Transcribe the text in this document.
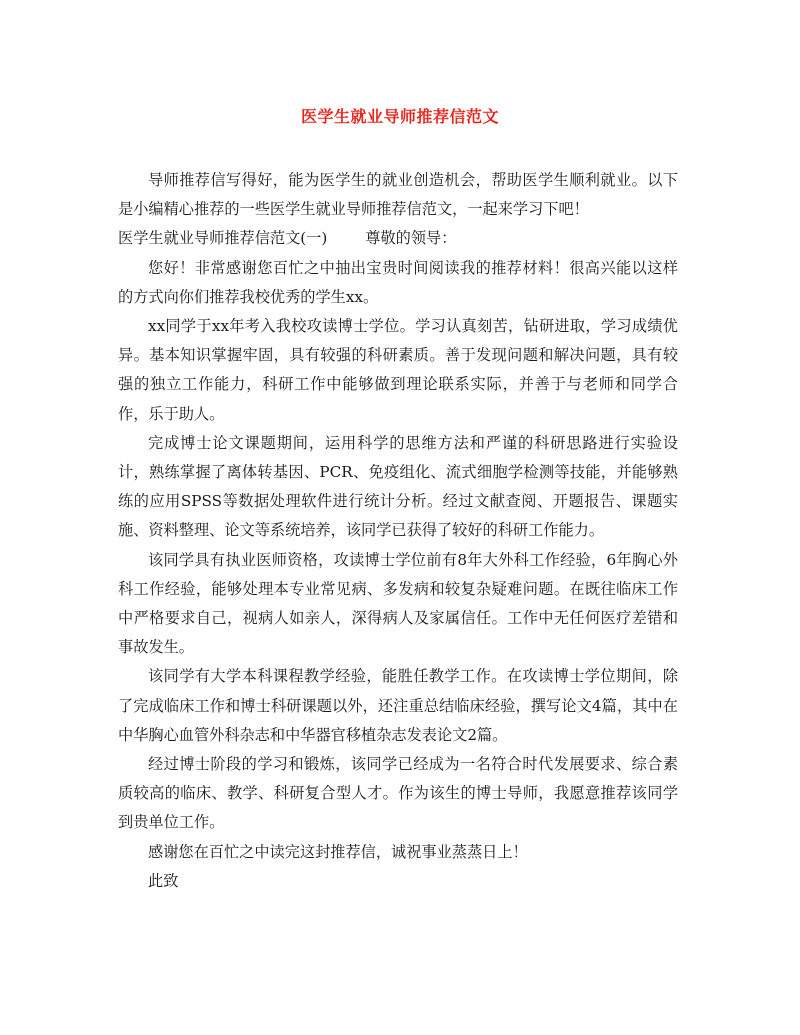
医学生就业导师推荐信范文

导师推荐信写得好，能为医学生的就业创造机会，帮助医学生顺利就业。以下是小编精心推荐的一些医学生就业导师推荐信范文，一起来学习下吧！

医学生就业导师推荐信范文(一)	尊敬的领导：

您好！非常感谢您百忙之中抽出宝贵时间阅读我的推荐材料！很高兴能以这样的方式向你们推荐我校优秀的学生xx。

xx同学于xx年考入我校攻读博士学位。学习认真刻苦，钻研进取，学习成绩优异。基本知识掌握牢固，具有较强的科研素质。善于发现问题和解决问题，具有较强的独立工作能力，科研工作中能够做到理论联系实际，并善于与老师和同学合作，乐于助人。

完成博士论文课题期间，运用科学的思维方法和严谨的科研思路进行实验设计，熟练掌握了离体转基因、PCR、免疫组化、流式细胞学检测等技能，并能够熟练的应用SPSS等数据处理软件进行统计分析。经过文献查阅、开题报告、课题实施、资料整理、论文等系统培养，该同学已获得了较好的科研工作能力。

该同学具有执业医师资格，攻读博士学位前有8年大外科工作经验，6年胸心外科工作经验，能够处理本专业常见病、多发病和较复杂疑难问题。在既往临床工作中严格要求自己，视病人如亲人，深得病人及家属信任。工作中无任何医疗差错和事故发生。

该同学有大学本科课程教学经验，能胜任教学工作。在攻读博士学位期间，除了完成临床工作和博士科研课题以外，还注重总结临床经验，撰写论文4篇，其中在中华胸心血管外科杂志和中华器官移植杂志发表论文2篇。

经过博士阶段的学习和锻炼，该同学已经成为一名符合时代发展要求、综合素质较高的临床、教学、科研复合型人才。作为该生的博士导师，我愿意推荐该同学到贵单位工作。

感谢您在百忙之中读完这封推荐信，诚祝事业蒸蒸日上！

此致
